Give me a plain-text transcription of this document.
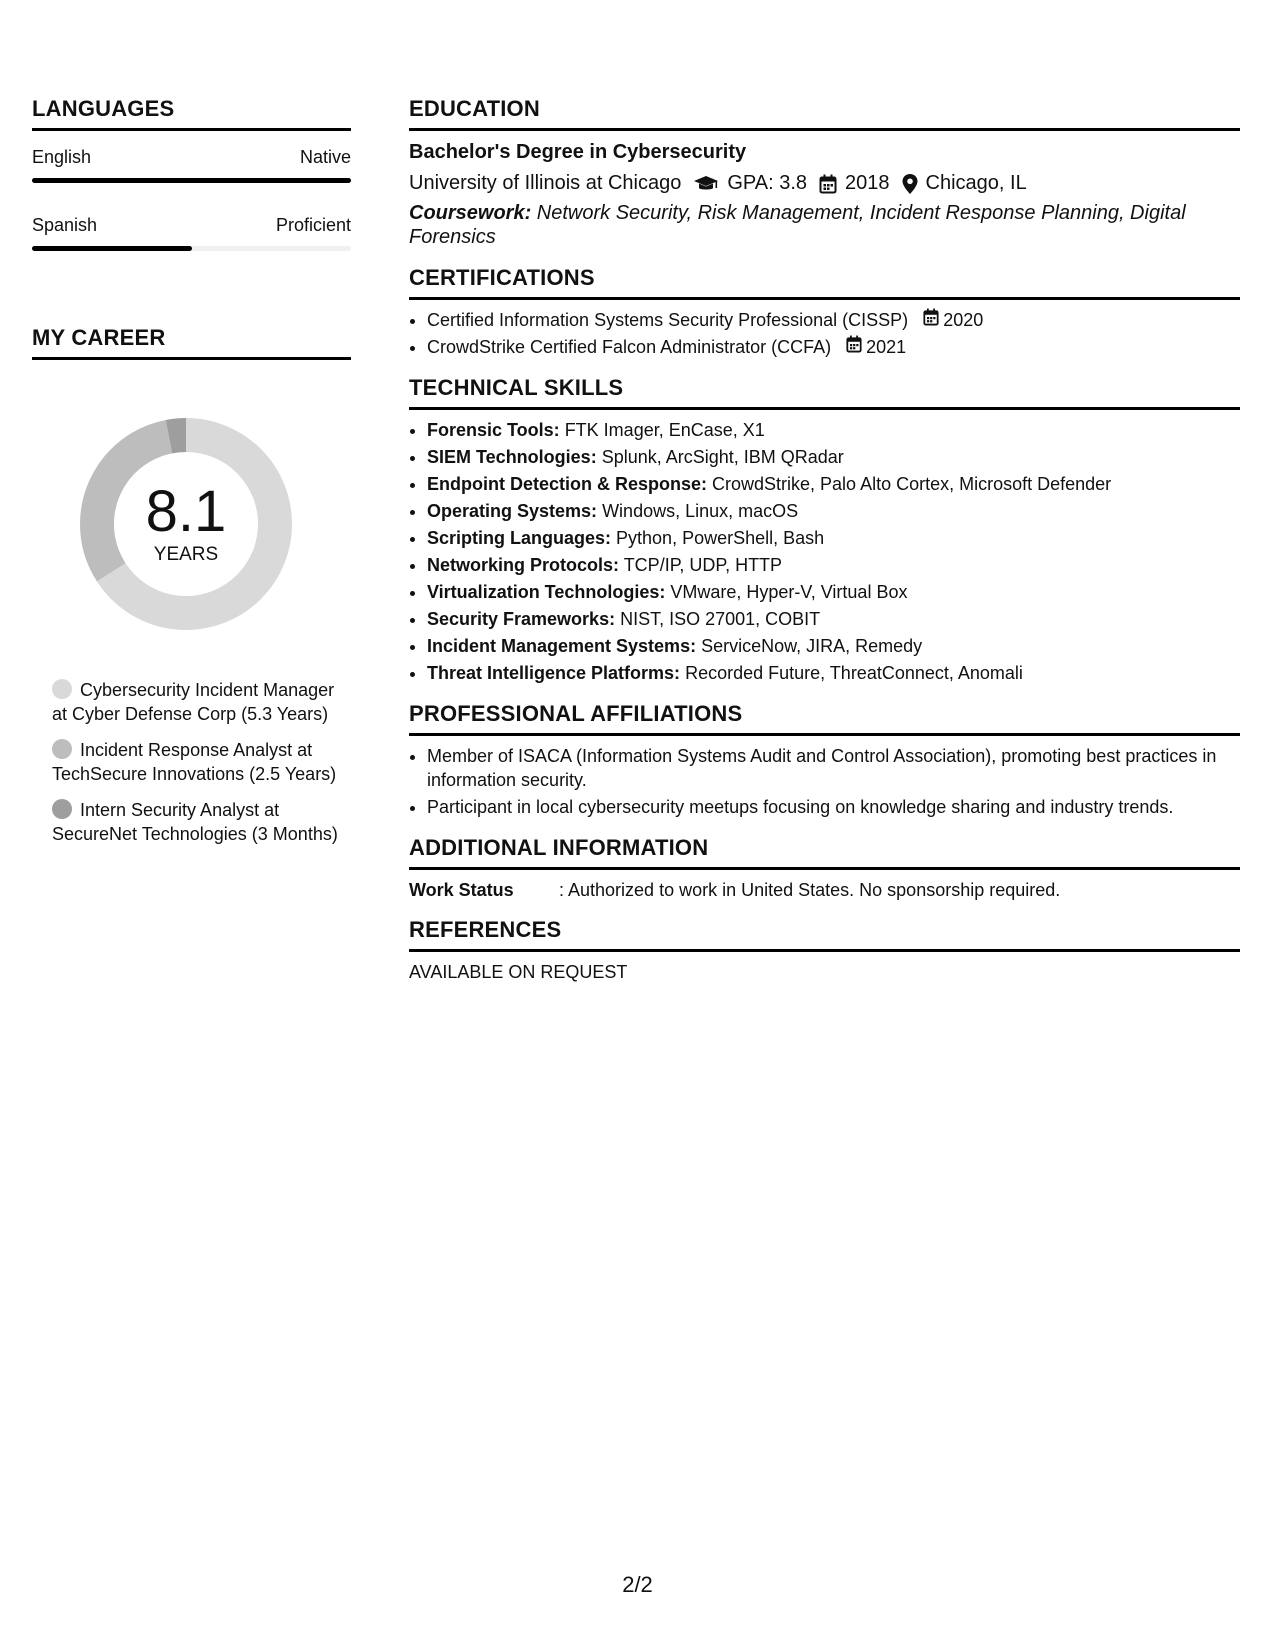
LANGUAGES
English	Native
Spanish	Proficient
MY CAREER
8.1
YEARS
Cybersecurity Incident Manager at Cyber Defense Corp (5.3 Years)
Incident Response Analyst at TechSecure Innovations (2.5 Years)
Intern Security Analyst at SecureNet Technologies (3 Months)
EDUCATION
Bachelor's Degree in Cybersecurity
University of Illinois at Chicago GPA: 3.8 2018 Chicago, IL
Coursework: Network Security, Risk Management, Incident Response Planning, Digital Forensics
CERTIFICATIONS
• Certified Information Systems Security Professional (CISSP) 2020
• CrowdStrike Certified Falcon Administrator (CCFA) 2021
TECHNICAL SKILLS
• Forensic Tools: FTK Imager, EnCase, X1
• SIEM Technologies: Splunk, ArcSight, IBM QRadar
• Endpoint Detection & Response: CrowdStrike, Palo Alto Cortex, Microsoft Defender
• Operating Systems: Windows, Linux, macOS
• Scripting Languages: Python, PowerShell, Bash
• Networking Protocols: TCP/IP, UDP, HTTP
• Virtualization Technologies: VMware, Hyper-V, Virtual Box
• Security Frameworks: NIST, ISO 27001, COBIT
• Incident Management Systems: ServiceNow, JIRA, Remedy
• Threat Intelligence Platforms: Recorded Future, ThreatConnect, Anomali
PROFESSIONAL AFFILIATIONS
• Member of ISACA (Information Systems Audit and Control Association), promoting best practices in information security.
• Participant in local cybersecurity meetups focusing on knowledge sharing and industry trends.
ADDITIONAL INFORMATION
Work Status	: Authorized to work in United States. No sponsorship required.
REFERENCES
AVAILABLE ON REQUEST
2/2
